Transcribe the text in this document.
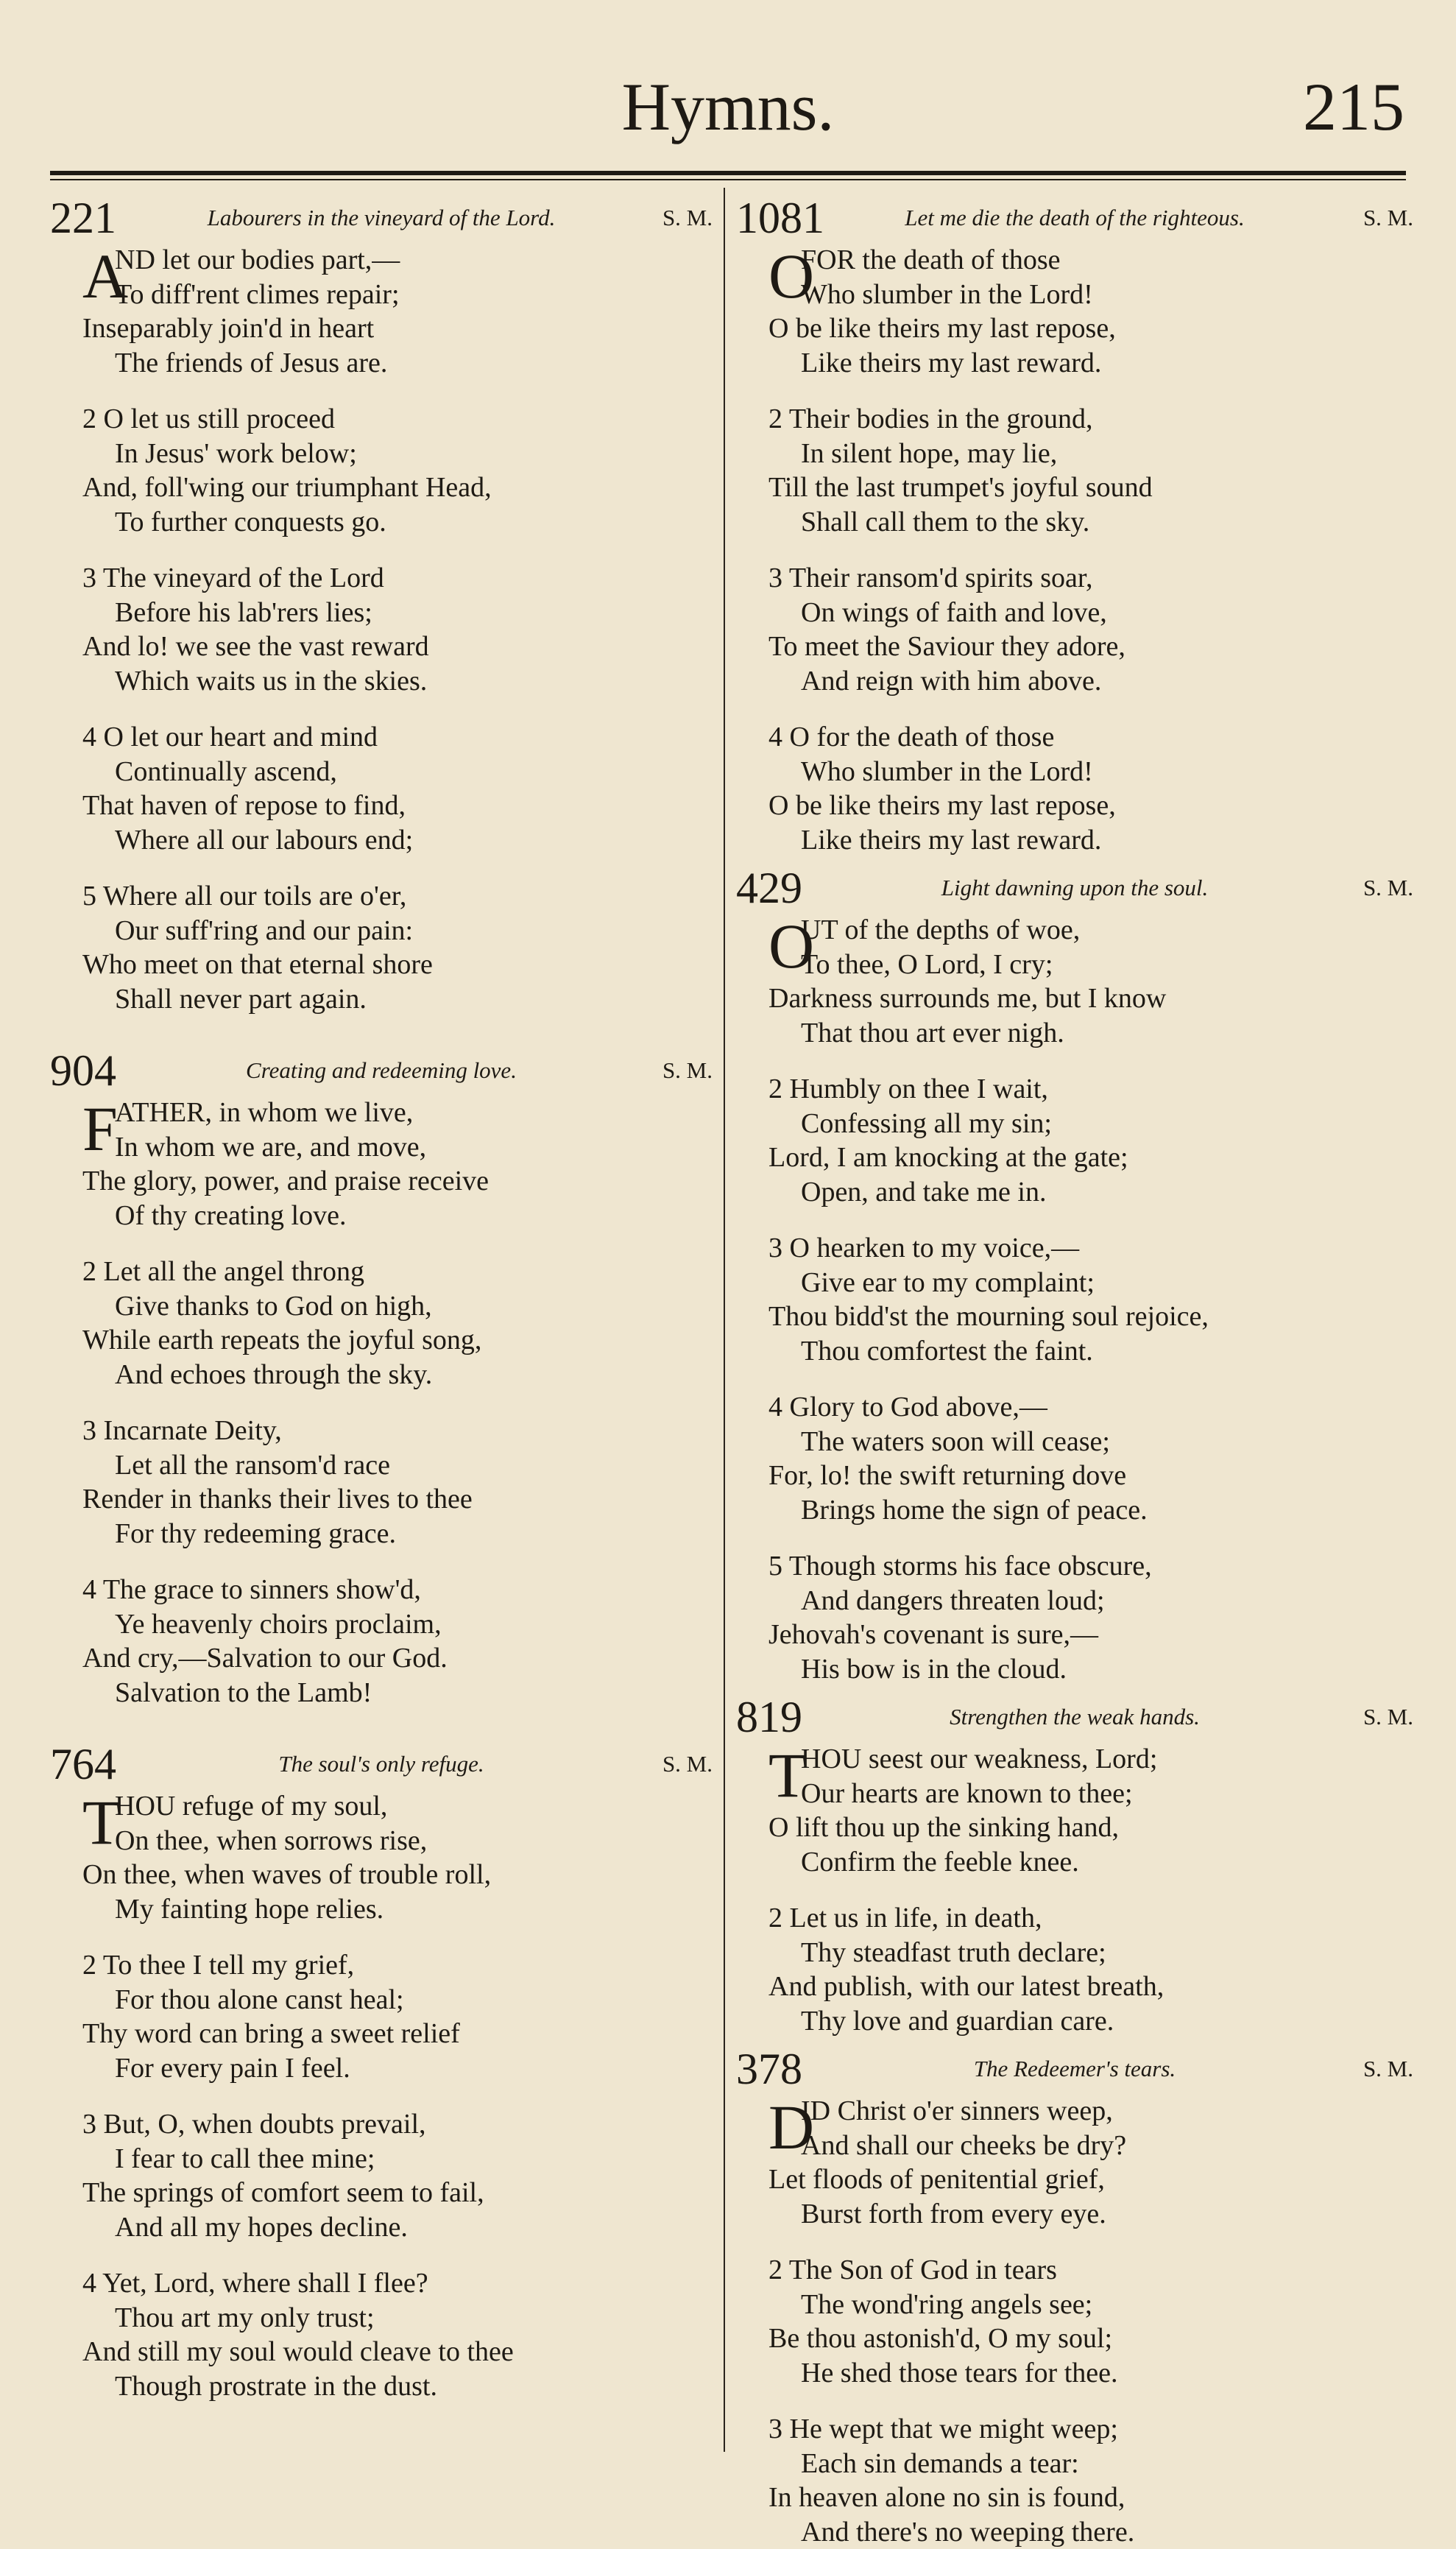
Hymns.	215
221	Labourers in the vineyard of the Lord.	S. M.
A
ND let our bodies part,—
To diff'rent climes repair;
Inseparably join'd in heart
The friends of Jesus are.
2 O let us still proceed
In Jesus' work below;
And, foll'wing our triumphant Head,
To further conquests go.
3 The vineyard of the Lord
Before his lab'rers lies;
And lo! we see the vast reward
Which waits us in the skies.
4 O let our heart and mind
Continually ascend,
That haven of repose to find,
Where all our labours end;
5 Where all our toils are o'er,
Our suff'ring and our pain:
Who meet on that eternal shore
Shall never part again.
904	Creating and redeeming love.	S. M.
F
ATHER, in whom we live,
In whom we are, and move,
The glory, power, and praise receive
Of thy creating love.
2 Let all the angel throng
Give thanks to God on high,
While earth repeats the joyful song,
And echoes through the sky.
3 Incarnate Deity,
Let all the ransom'd race
Render in thanks their lives to thee
For thy redeeming grace.
4 The grace to sinners show'd,
Ye heavenly choirs proclaim,
And cry,—Salvation to our God.
Salvation to the Lamb!
764	The soul's only refuge.	S. M.
T
HOU refuge of my soul,
On thee, when sorrows rise,
On thee, when waves of trouble roll,
My fainting hope relies.
2 To thee I tell my grief,
For thou alone canst heal;
Thy word can bring a sweet relief
For every pain I feel.
3 But, O, when doubts prevail,
I fear to call thee mine;
The springs of comfort seem to fail,
And all my hopes decline.
4 Yet, Lord, where shall I flee?
Thou art my only trust;
And still my soul would cleave to thee
Though prostrate in the dust.
1081	Let me die the death of the righteous.	S. M.
O
FOR the death of those
Who slumber in the Lord!
O be like theirs my last repose,
Like theirs my last reward.
2 Their bodies in the ground,
In silent hope, may lie,
Till the last trumpet's joyful sound
Shall call them to the sky.
3 Their ransom'd spirits soar,
On wings of faith and love,
To meet the Saviour they adore,
And reign with him above.
4 O for the death of those
Who slumber in the Lord!
O be like theirs my last repose,
Like theirs my last reward.
429	Light dawning upon the soul.	S. M.
O
UT of the depths of woe,
To thee, O Lord, I cry;
Darkness surrounds me, but I know
That thou art ever nigh.
2 Humbly on thee I wait,
Confessing all my sin;
Lord, I am knocking at the gate;
Open, and take me in.
3 O hearken to my voice,—
Give ear to my complaint;
Thou bidd'st the mourning soul rejoice,
Thou comfortest the faint.
4 Glory to God above,—
The waters soon will cease;
For, lo! the swift returning dove
Brings home the sign of peace.
5 Though storms his face obscure,
And dangers threaten loud;
Jehovah's covenant is sure,—
His bow is in the cloud.
819	Strengthen the weak hands.	S. M.
T
HOU seest our weakness, Lord;
Our hearts are known to thee;
O lift thou up the sinking hand,
Confirm the feeble knee.
2 Let us in life, in death,
Thy steadfast truth declare;
And publish, with our latest breath,
Thy love and guardian care.
378	The Redeemer's tears.	S. M.
D
ID Christ o'er sinners weep,
And shall our cheeks be dry?
Let floods of penitential grief,
Burst forth from every eye.
2 The Son of God in tears
The wond'ring angels see;
Be thou astonish'd, O my soul;
He shed those tears for thee.
3 He wept that we might weep;
Each sin demands a tear:
In heaven alone no sin is found,
And there's no weeping there.
